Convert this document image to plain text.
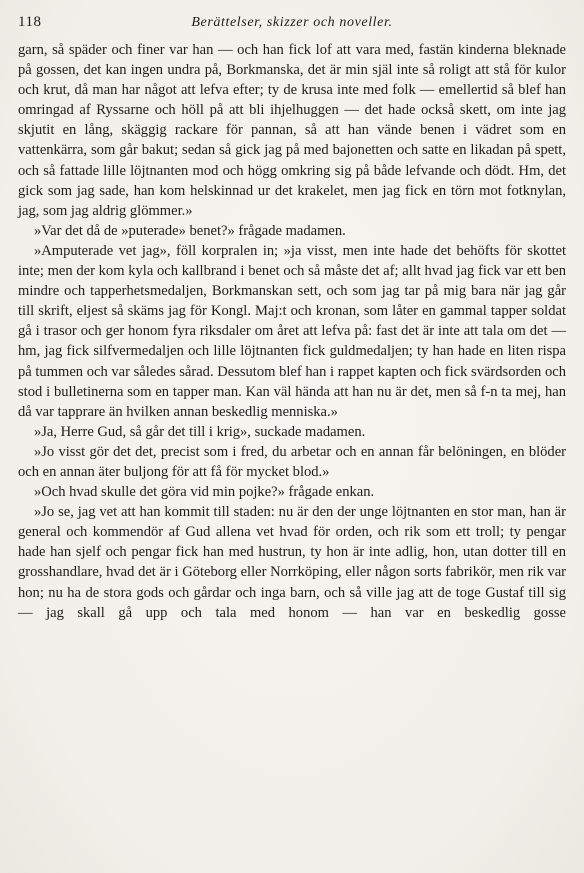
118	Berättelser, skizzer och noveller.

garn, så späder och finer var han — och han fick lof att vara med, fastän kinderna bleknade på gossen, det kan ingen undra på, Borkmanska, det är min själ inte så roligt att stå för kulor och krut, då man har något att lefva efter; ty de krusa inte med folk — emellertid så blef han omringad af Ryssarne och höll på att bli ihjelhuggen — det hade också skett, om inte jag skjutit en lång, skäggig rackare för pannan, så att han vände benen i vädret som en vattenkärra, som går bakut; sedan så gick jag på med bajonetten och satte en likadan på spett, och så fattade lille löjtnanten mod och högg omkring sig på både lefvande och dödt. Hm, det gick som jag sade, han kom helskinnad ur det krakelet, men jag fick en törn mot fotknylan, jag, som jag aldrig glömmer.»

»Var det då de »puterade» benet?» frågade madamen.

»Amputerade vet jag», föll korpralen in; »ja visst, men inte hade det behöfts för skottet inte; men der kom kyla och kallbrand i benet och så måste det af; allt hvad jag fick var ett ben mindre och tapperhetsmedaljen, Borkmanskan sett, och som jag tar på mig bara när jag går till skrift, eljest så skäms jag för Kongl. Maj:t och kronan, som låter en gammal tapper soldat gå i trasor och ger honom fyra riksdaler om året att lefva på: fast det är inte att tala om det — hm, jag fick silfvermedaljen och lille löjtnanten fick guldmedaljen; ty han hade en liten rispa på tummen och var således sårad. Dessutom blef han i rappet kapten och fick svärdsorden och stod i bulletinerna som en tapper man. Kan väl hända att han nu är det, men så f-n ta mej, han då var tapprare än hvilken annan beskedlig menniska.»

»Ja, Herre Gud, så går det till i krig», suckade madamen.

»Jo visst gör det det, precist som i fred, du arbetar och en annan får belöningen, en blöder och en annan äter buljong för att få för mycket blod.»

»Och hvad skulle det göra vid min pojke?» frågade enkan.

»Jo se, jag vet att han kommit till staden: nu är den der unge löjtnanten en stor man, han är general och kommendör af Gud allena vet hvad för orden, och rik som ett troll; ty pengar hade han sjelf och pengar fick han med hustrun, ty hon är inte adlig, hon, utan dotter till en grosshandlare, hvad det är i Göteborg eller Norrköping, eller någon sorts fabrikör, men rik var hon; nu ha de stora gods och gårdar och inga barn, och så ville jag att de toge Gustaf till sig — jag skall gå upp och tala med honom — han var en beskedlig gosse
